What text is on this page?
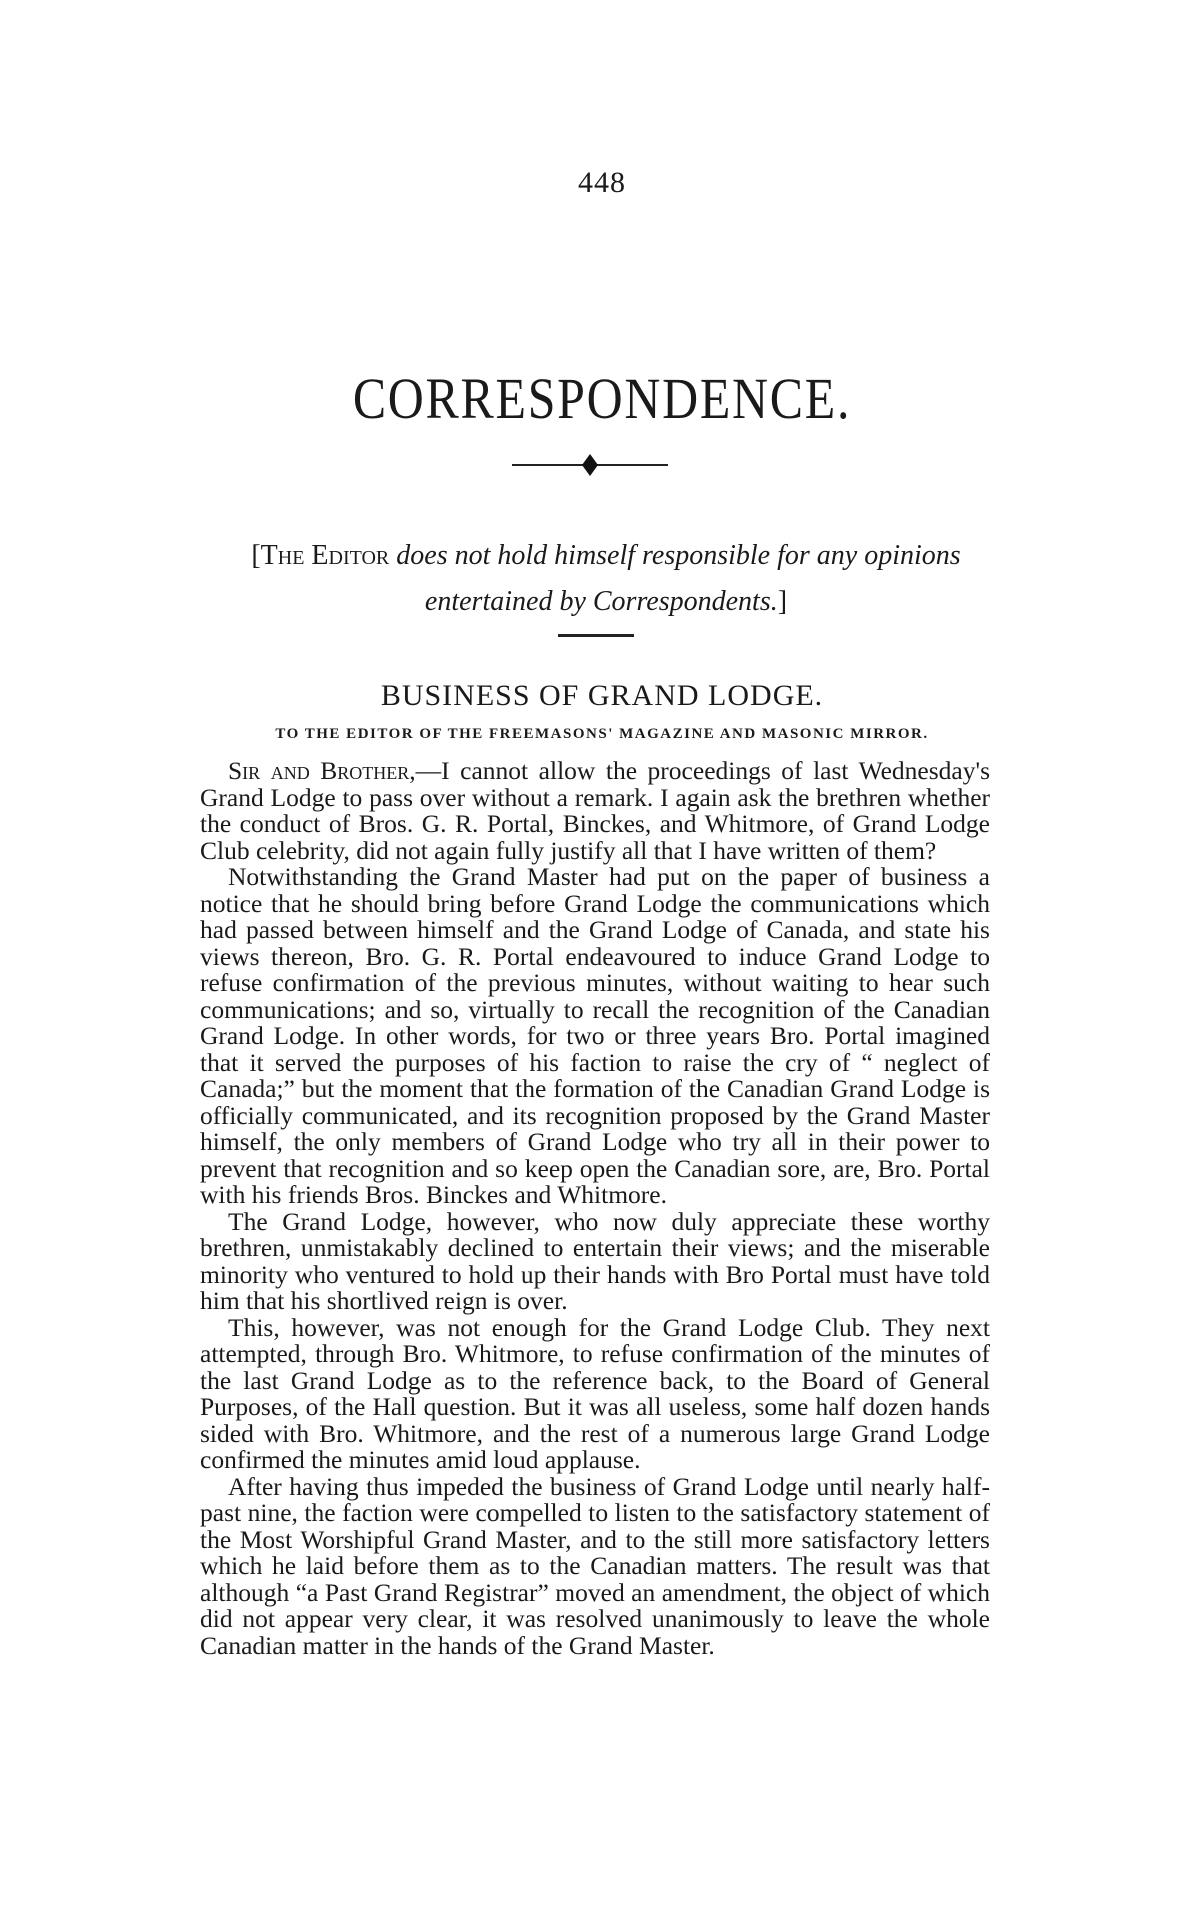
448
CORRESPONDENCE.
[The Editor does not hold himself responsible for any opinions entertained by Correspondents.]
BUSINESS OF GRAND LODGE.
TO THE EDITOR OF THE FREEMASONS' MAGAZINE AND MASONIC MIRROR.

Sir and Brother,—I cannot allow the proceedings of last Wednesday's Grand Lodge to pass over without a remark. I again ask the brethren whether the conduct of Bros. G. R. Portal, Binckes, and Whitmore, of Grand Lodge Club celebrity, did not again fully justify all that I have written of them?

Notwithstanding the Grand Master had put on the paper of business a notice that he should bring before Grand Lodge the communications which had passed between himself and the Grand Lodge of Canada, and state his views thereon, Bro. G. R. Portal endeavoured to induce Grand Lodge to refuse confirmation of the previous minutes, without waiting to hear such communications; and so, virtually to recall the recognition of the Canadian Grand Lodge. In other words, for two or three years Bro. Portal imagined that it served the purposes of his faction to raise the cry of “ neglect of Canada;” but the moment that the formation of the Canadian Grand Lodge is officially communicated, and its recognition proposed by the Grand Master himself, the only members of Grand Lodge who try all in their power to prevent that recognition and so keep open the Canadian sore, are, Bro. Portal with his friends Bros. Binckes and Whitmore.

The Grand Lodge, however, who now duly appreciate these worthy brethren, unmistakably declined to entertain their views; and the miserable minority who ventured to hold up their hands with Bro Portal must have told him that his shortlived reign is over.

This, however, was not enough for the Grand Lodge Club. They next attempted, through Bro. Whitmore, to refuse confirmation of the minutes of the last Grand Lodge as to the reference back, to the Board of General Purposes, of the Hall question. But it was all useless, some half dozen hands sided with Bro. Whitmore, and the rest of a numerous large Grand Lodge confirmed the minutes amid loud applause.

After having thus impeded the business of Grand Lodge until nearly half-past nine, the faction were compelled to listen to the satisfactory statement of the Most Worshipful Grand Master, and to the still more satisfactory letters which he laid before them as to the Canadian matters. The result was that although “a Past Grand Registrar” moved an amendment, the object of which did not appear very clear, it was resolved unanimously to leave the whole Canadian matter in the hands of the Grand Master.
